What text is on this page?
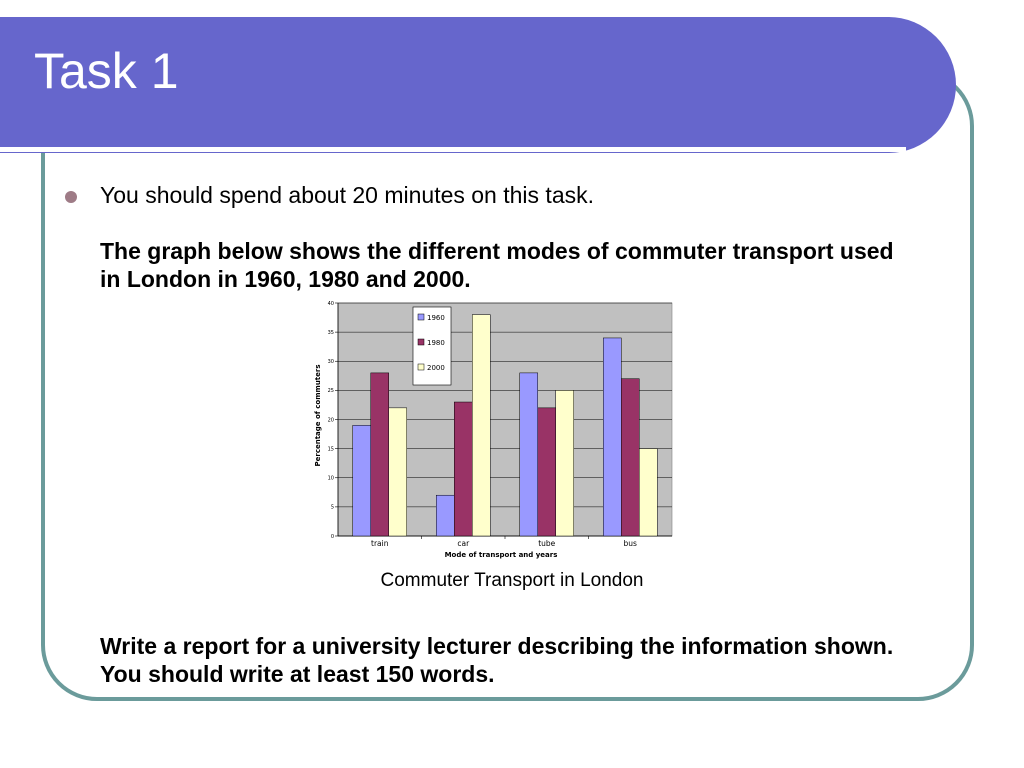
Task 1
You should spend about 20 minutes on this task.
The graph below shows the different modes of commuter transport used in London in 1960, 1980 and 2000.
0
5
10
15
20
25
30
35
40
train	car	tube	bus
Mode of transport and years
Percentage of commuters
1960
1980
2000
Commuter Transport in London
Write a report for a university lecturer describing the information shown. You should write at least 150 words.
